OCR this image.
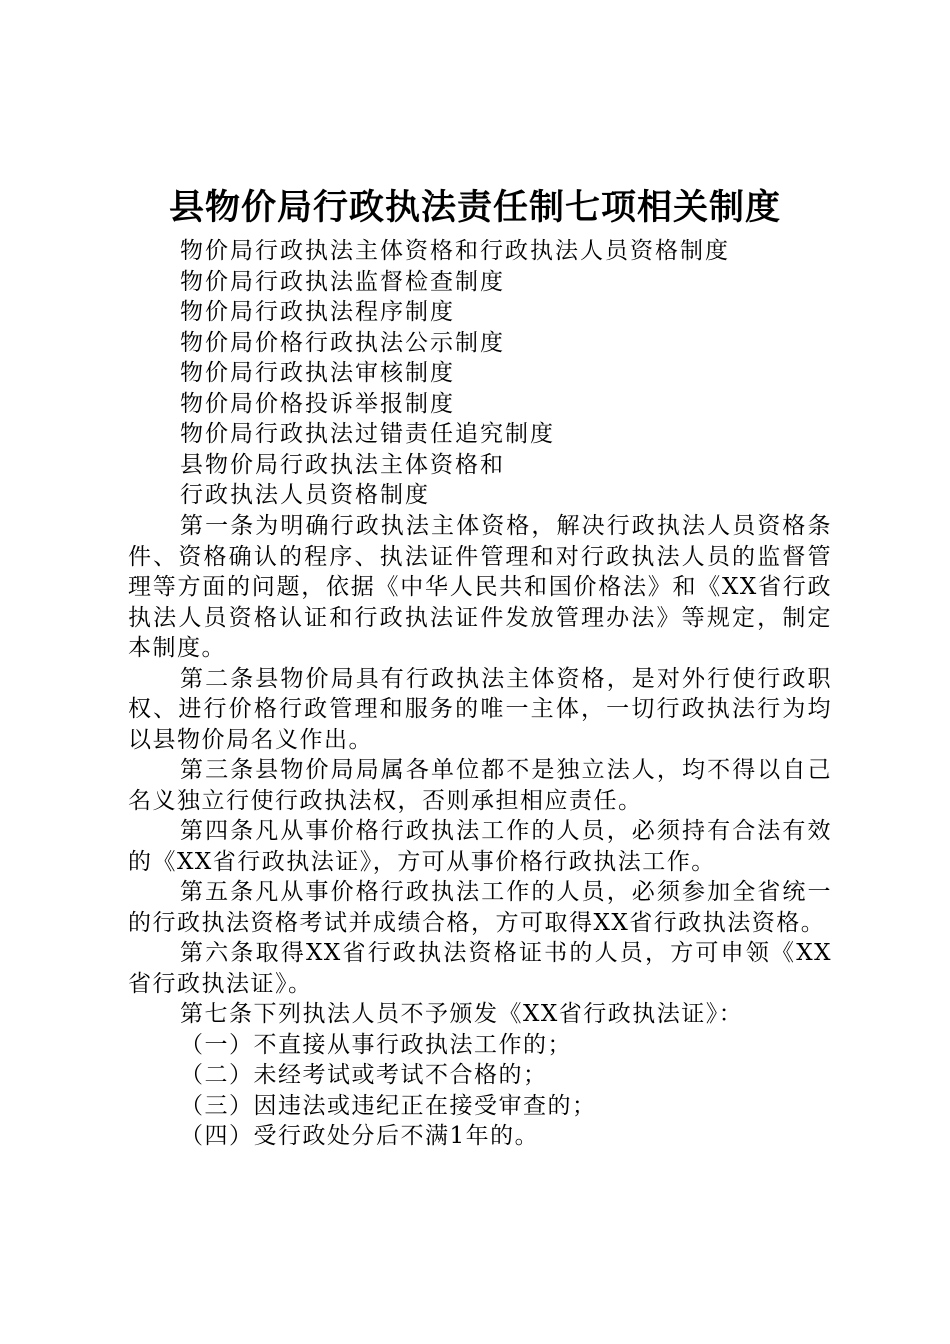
县物价局行政执法责任制七项相关制度
物价局行政执法主体资格和行政执法人员资格制度
物价局行政执法监督检查制度
物价局行政执法程序制度
物价局价格行政执法公示制度
物价局行政执法审核制度
物价局价格投诉举报制度
物价局行政执法过错责任追究制度
县物价局行政执法主体资格和
行政执法人员资格制度

第一条为明确行政执法主体资格，解决行政执法人员资格条件、资格确认的程序、执法证件管理和对行政执法人员的监督管理等方面的问题，依据《中华人民共和国价格法》和《XX省行政执法人员资格认证和行政执法证件发放管理办法》等规定，制定本制度。

第二条县物价局具有行政执法主体资格，是对外行使行政职权、进行价格行政管理和服务的唯一主体，一切行政执法行为均以县物价局名义作出。

第三条县物价局局属各单位都不是独立法人，均不得以自己名义独立行使行政执法权，否则承担相应责任。

第四条凡从事价格行政执法工作的人员，必须持有合法有效的《XX省行政执法证》，方可从事价格行政执法工作。

第五条凡从事价格行政执法工作的人员，必须参加全省统一的行政执法资格考试并成绩合格，方可取得XX省行政执法资格。

第六条取得XX省行政执法资格证书的人员，方可申领《XX省行政执法证》。

第七条下列执法人员不予颁发《XX省行政执法证》：

（一）不直接从事行政执法工作的；

（二）未经考试或考试不合格的；

（三）因违法或违纪正在接受审查的；

（四）受行政处分后不满1年的。
